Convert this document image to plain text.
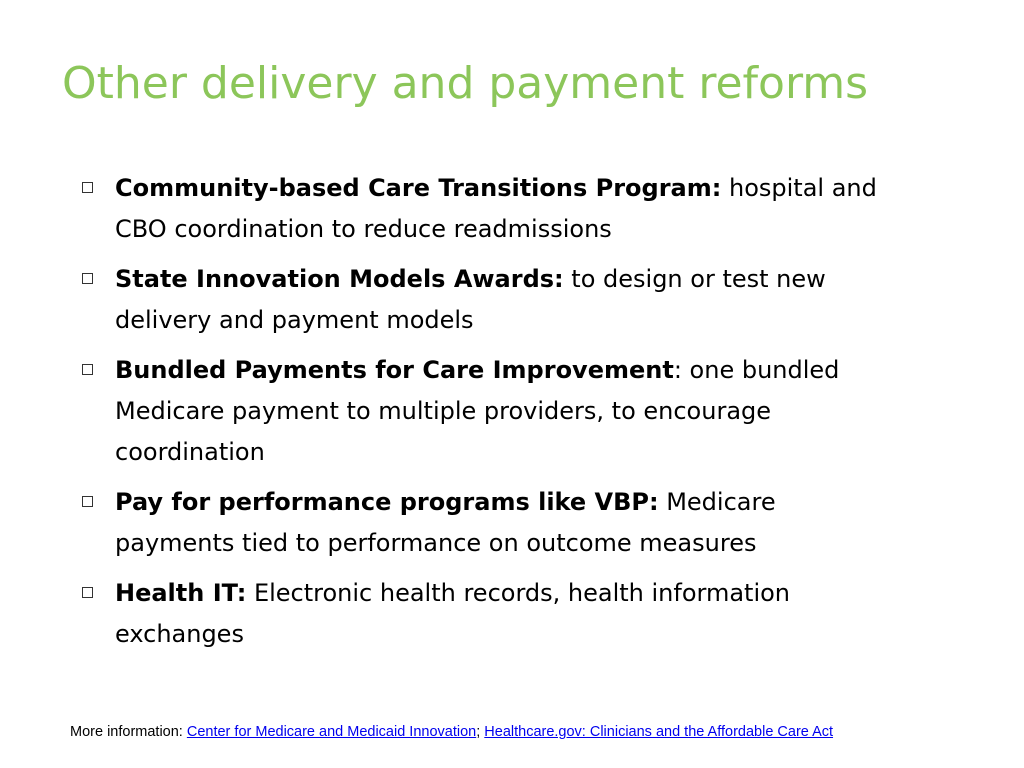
Other delivery and payment reforms
Community-based Care Transitions Program: hospital and CBO coordination to reduce readmissions
State Innovation Models Awards: to design or test new delivery and payment models
Bundled Payments for Care Improvement: one bundled Medicare payment to multiple providers, to encourage coordination
Pay for performance programs like VBP: Medicare payments tied to performance on outcome measures
Health IT: Electronic health records, health information exchanges
More information: Center for Medicare and Medicaid Innovation; Healthcare.gov: Clinicians and the Affordable Care Act
